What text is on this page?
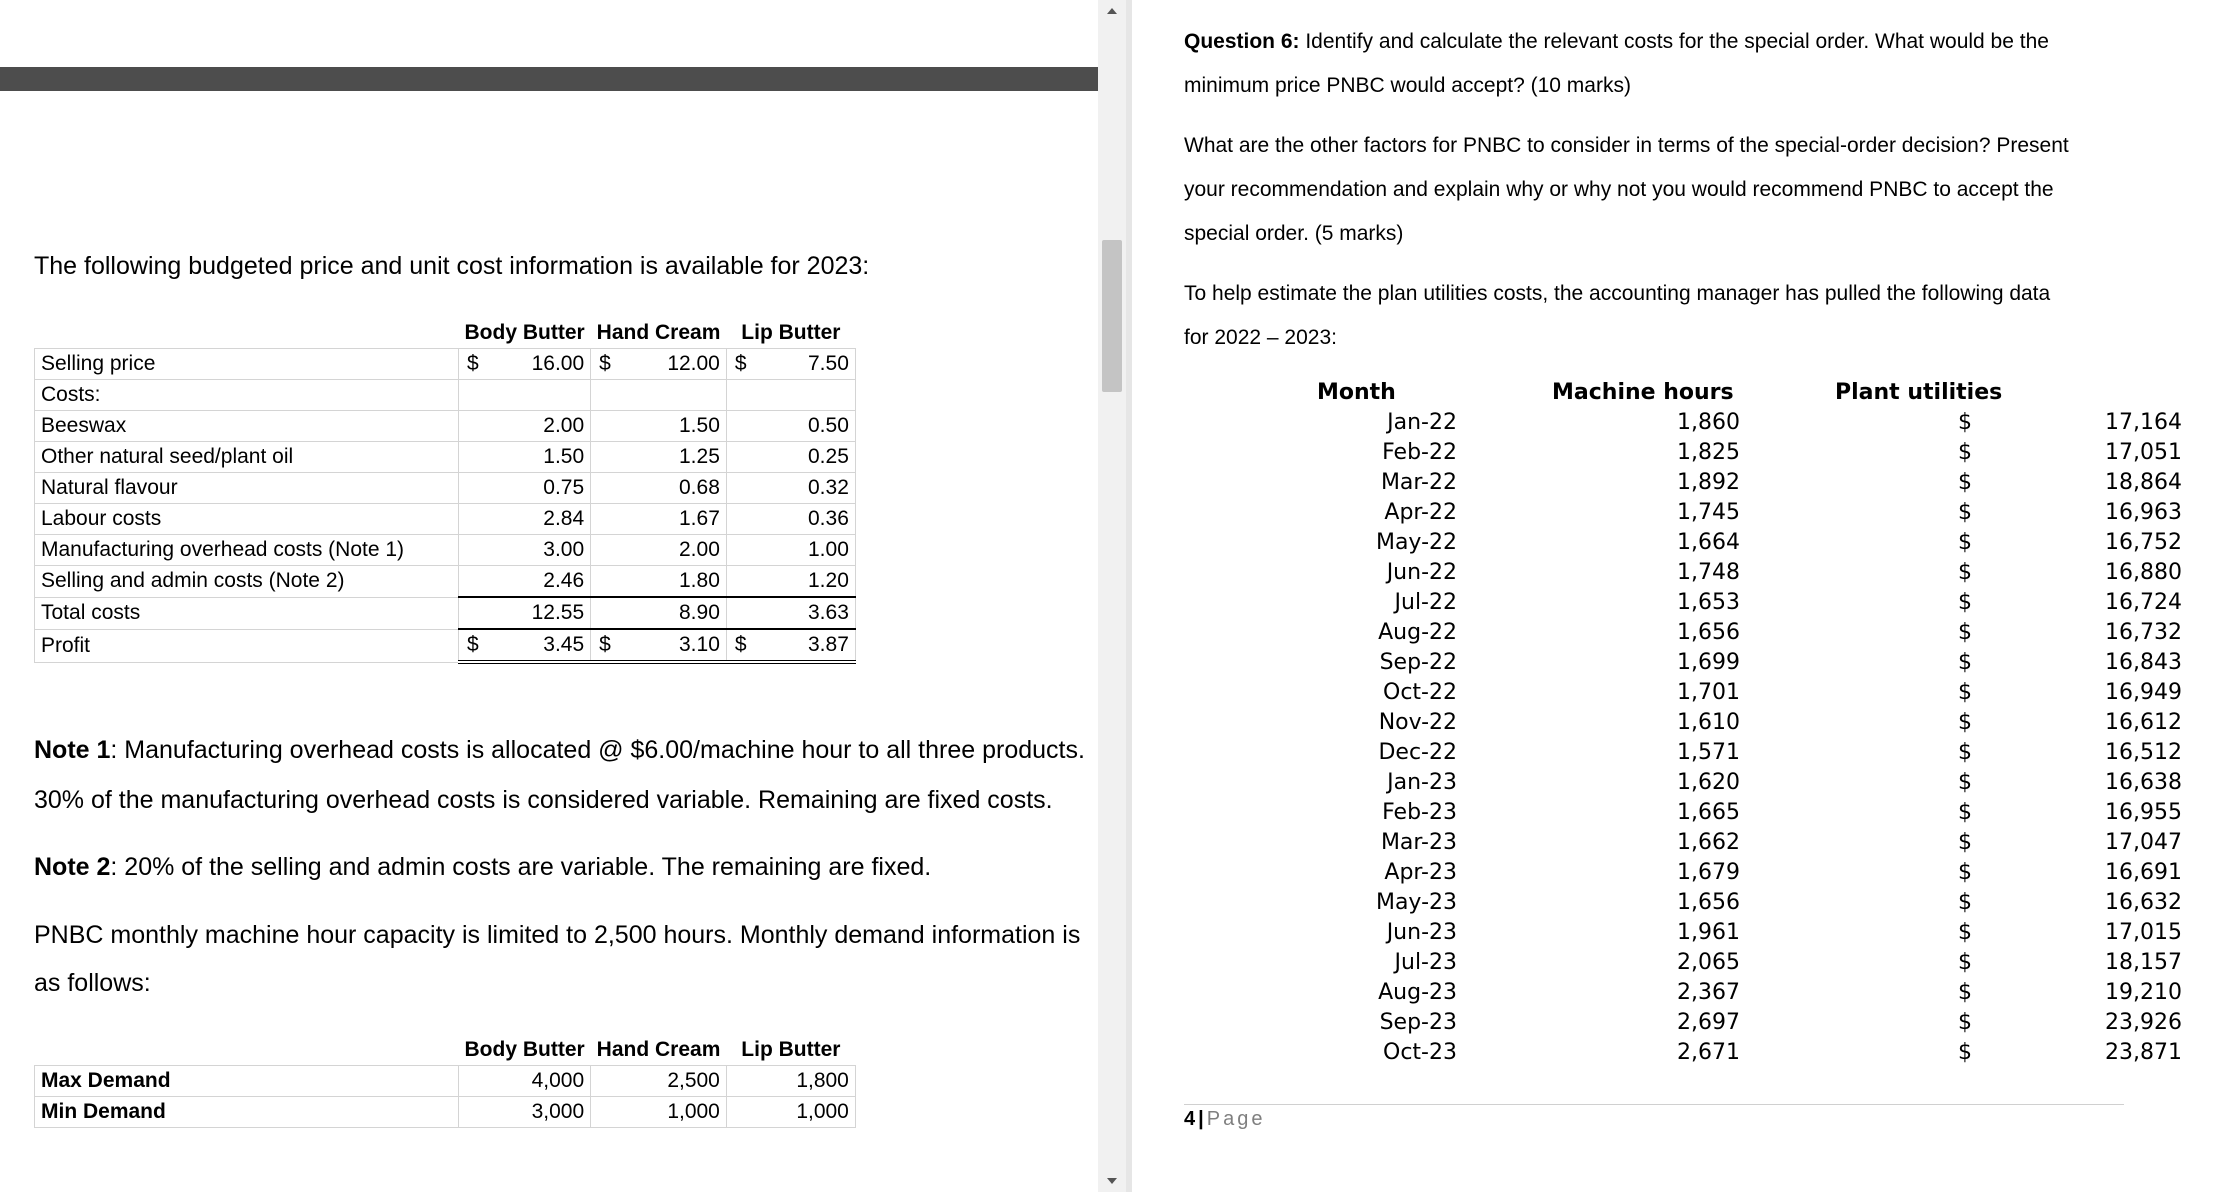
The following budgeted price and unit cost information is available for 2023:
	Body Butter	Hand Cream	Lip Butter
Selling price	$ 16.00	$ 12.00	$ 7.50
Costs:			
Beeswax	2.00	1.50	0.50
Other natural seed/plant oil	1.50	1.25	0.25
Natural flavour	0.75	0.68	0.32
Labour costs	2.84	1.67	0.36
Manufacturing overhead costs (Note 1)	3.00	2.00	1.00
Selling and admin costs (Note 2)	2.46	1.80	1.20
Total costs	12.55	8.90	3.63
Profit	$ 3.45	$ 3.10	$ 3.87
Note 1: Manufacturing overhead costs is allocated @ $6.00/machine hour to all three products.
30% of the manufacturing overhead costs is considered variable. Remaining are fixed costs.
Note 2: 20% of the selling and admin costs are variable. The remaining are fixed.
PNBC monthly machine hour capacity is limited to 2,500 hours. Monthly demand information is
as follows:
	Body Butter	Hand Cream	Lip Butter
Max Demand	4,000	2,500	1,800
Min Demand	3,000	1,000	1,000
Question 6: Identify and calculate the relevant costs for the special order. What would be the
minimum price PNBC would accept? (10 marks)
What are the other factors for PNBC to consider in terms of the special-order decision? Present
your recommendation and explain why or why not you would recommend PNBC to accept the
special order. (5 marks)
To help estimate the plan utilities costs, the accounting manager has pulled the following data
for 2022 – 2023:
Month	Machine hours	Plant utilities
Jan-22	1,860	$	17,164
Feb-22	1,825	$	17,051
Mar-22	1,892	$	18,864
Apr-22	1,745	$	16,963
May-22	1,664	$	16,752
Jun-22	1,748	$	16,880
Jul-22	1,653	$	16,724
Aug-22	1,656	$	16,732
Sep-22	1,699	$	16,843
Oct-22	1,701	$	16,949
Nov-22	1,610	$	16,612
Dec-22	1,571	$	16,512
Jan-23	1,620	$	16,638
Feb-23	1,665	$	16,955
Mar-23	1,662	$	17,047
Apr-23	1,679	$	16,691
May-23	1,656	$	16,632
Jun-23	1,961	$	17,015
Jul-23	2,065	$	18,157
Aug-23	2,367	$	19,210
Sep-23	2,697	$	23,926
Oct-23	2,671	$	23,871
4 | Page
